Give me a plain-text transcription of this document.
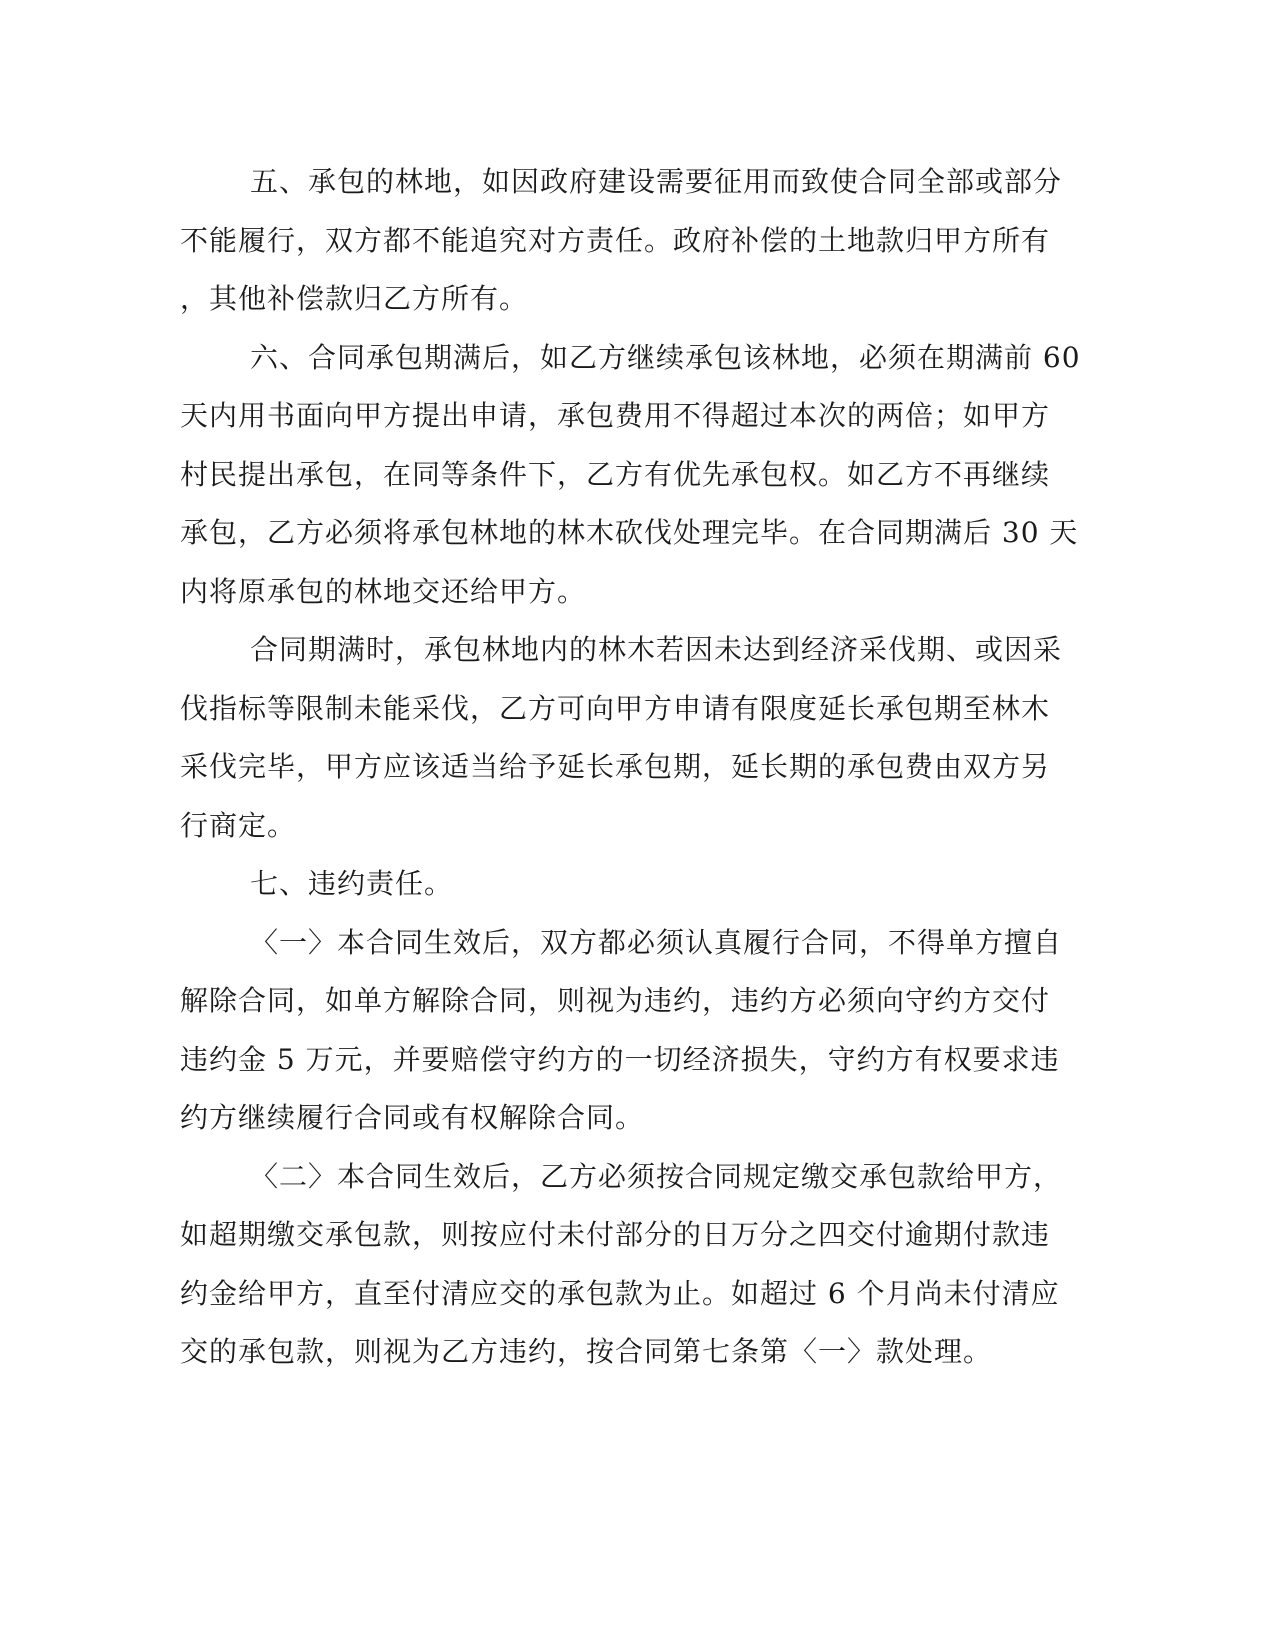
五、承包的林地，如因政府建设需要征用而致使合同全部或部分

不能履行，双方都不能追究对方责任。政府补偿的土地款归甲方所有

，其他补偿款归乙方所有。

六、合同承包期满后，如乙方继续承包该林地，必须在期满前 60

天内用书面向甲方提出申请，承包费用不得超过本次的两倍；如甲方

村民提出承包，在同等条件下，乙方有优先承包权。如乙方不再继续

承包，乙方必须将承包林地的林木砍伐处理完毕。在合同期满后 30 天

内将原承包的林地交还给甲方。

合同期满时，承包林地内的林木若因未达到经济采伐期、或因采

伐指标等限制未能采伐，乙方可向甲方申请有限度延长承包期至林木

采伐完毕，甲方应该适当给予延长承包期，延长期的承包费由双方另

行商定。

七、违约责任。

〈一〉本合同生效后，双方都必须认真履行合同，不得单方擅自

解除合同，如单方解除合同，则视为违约，违约方必须向守约方交付

违约金 5 万元，并要赔偿守约方的一切经济损失，守约方有权要求违

约方继续履行合同或有权解除合同。

〈二〉本合同生效后，乙方必须按合同规定缴交承包款给甲方，

如超期缴交承包款，则按应付未付部分的日万分之四交付逾期付款违

约金给甲方，直至付清应交的承包款为止。如超过 6 个月尚未付清应

交的承包款，则视为乙方违约，按合同第七条第〈一〉款处理。
